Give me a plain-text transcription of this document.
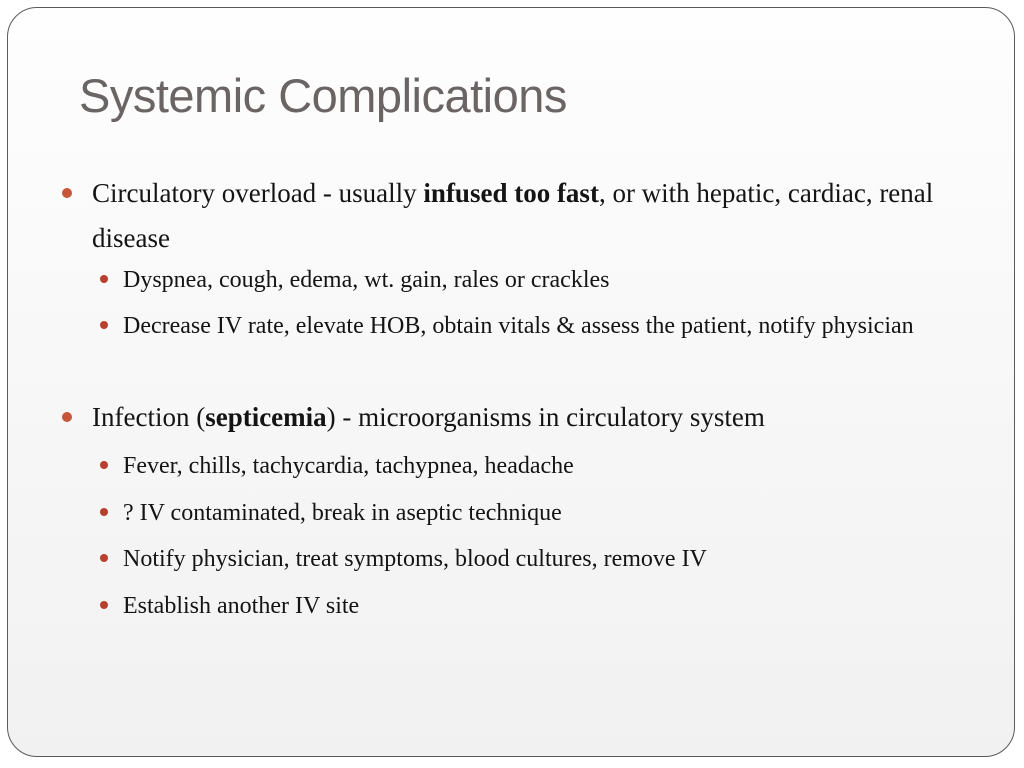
Systemic Complications
Circulatory overload - usually infused too fast, or with hepatic, cardiac, renal disease
Dyspnea, cough, edema, wt. gain, rales or crackles
Decrease IV rate, elevate HOB, obtain vitals & assess the patient, notify physician
Infection (septicemia) - microorganisms in circulatory system
Fever, chills, tachycardia, tachypnea, headache
? IV contaminated, break in aseptic technique
Notify physician, treat symptoms, blood cultures, remove IV
Establish another IV site
